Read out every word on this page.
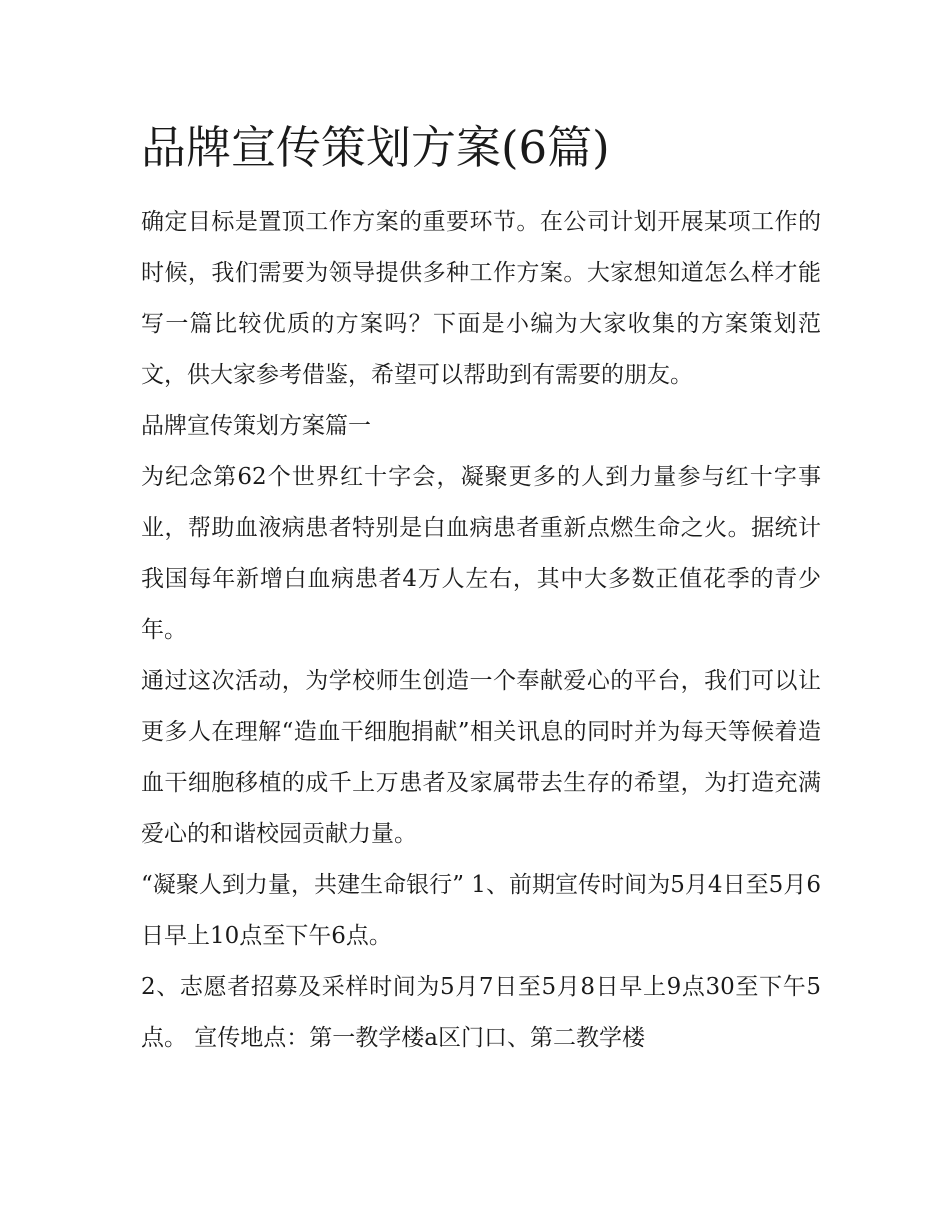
品牌宣传策划方案(6篇)

确定目标是置顶工作方案的重要环节。在公司计划开展某项工作的时候，我们需要为领导提供多种工作方案。大家想知道怎么样才能写一篇比较优质的方案吗？下面是小编为大家收集的方案策划范文，供大家参考借鉴，希望可以帮助到有需要的朋友。

品牌宣传策划方案篇一

为纪念第62个世界红十字会，凝聚更多的人到力量参与红十字事业，帮助血液病患者特别是白血病患者重新点燃生命之火。据统计我国每年新增白血病患者4万人左右，其中大多数正值花季的青少年。

通过这次活动，为学校师生创造一个奉献爱心的平台，我们可以让更多人在理解“造血干细胞捐献”相关讯息的同时并为每天等候着造血干细胞移植的成千上万患者及家属带去生存的希望，为打造充满爱心的和谐校园贡献力量。

“凝聚人到力量，共建生命银行” 1、前期宣传时间为5月4日至5月6日早上10点至下午6点。

2、志愿者招募及采样时间为5月7日至5月8日早上9点30至下午5点。 宣传地点：第一教学楼a区门口、第二教学楼
